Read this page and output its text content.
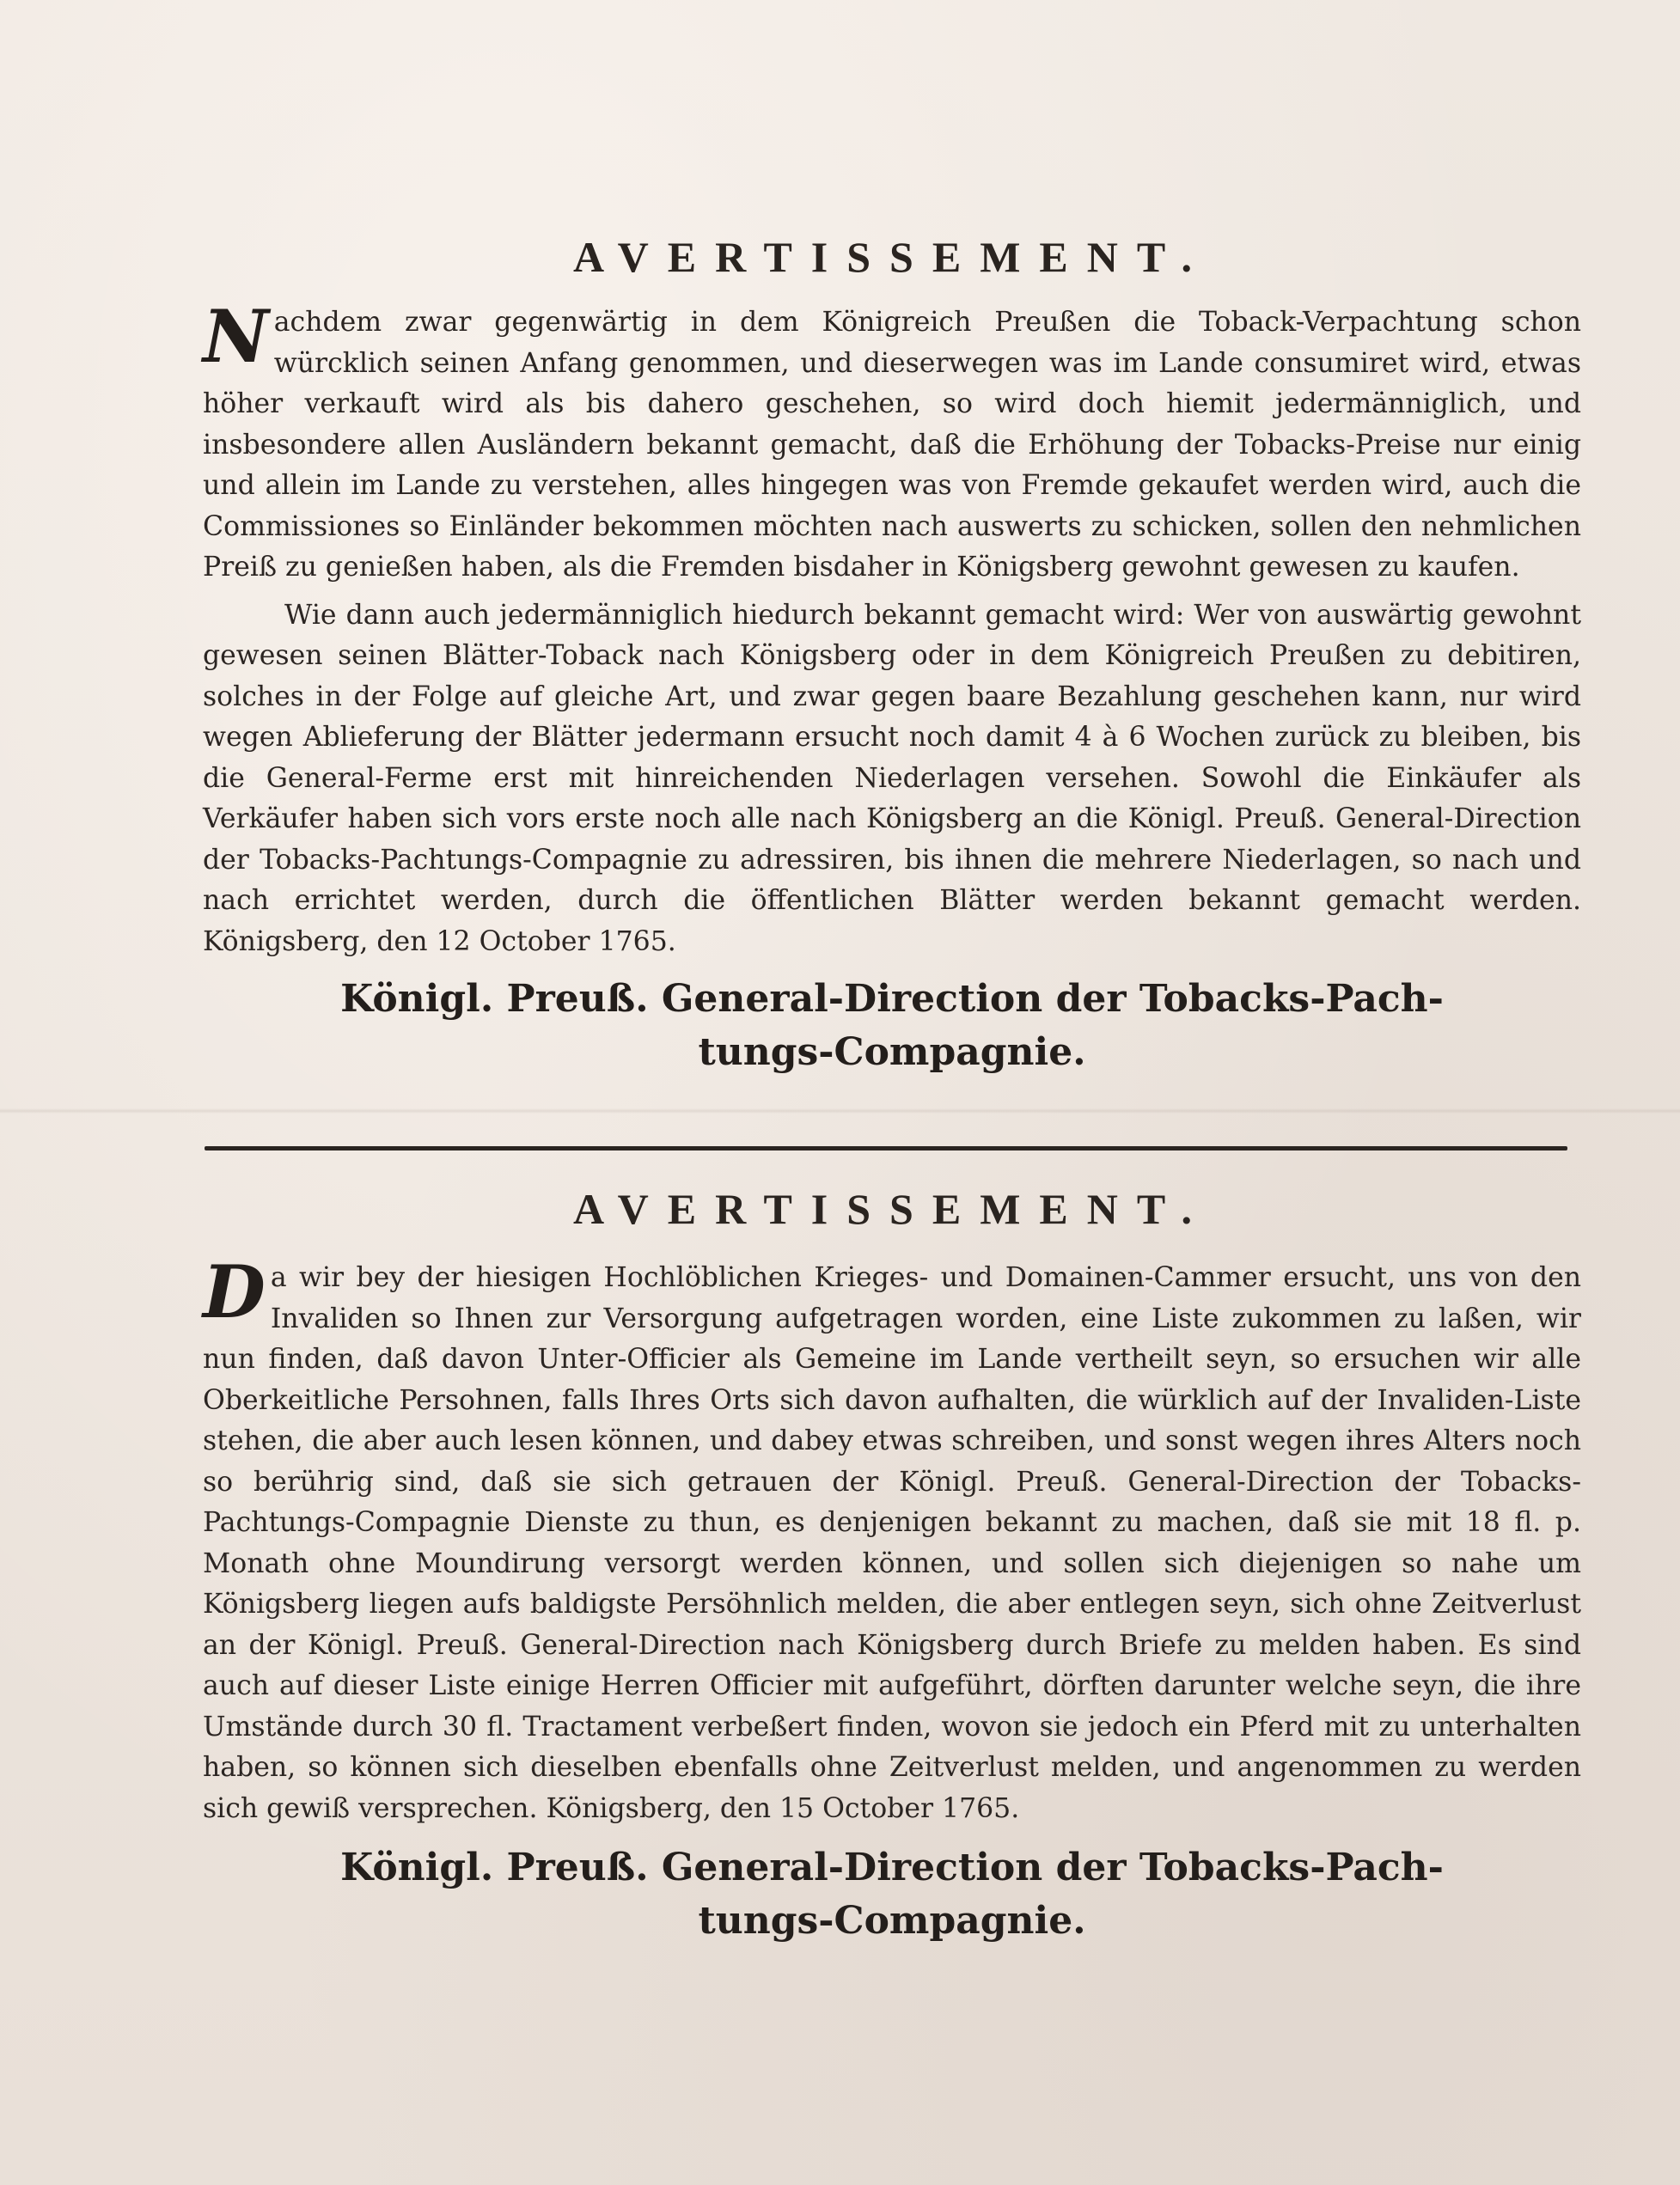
AVERTISSEMENT.

Nachdem zwar gegenwärtig in dem Königreich Preußen die Toback-Verpachtung schon würcklich seinen Anfang genommen, und dieserwegen was im Lande consumiret wird, etwas höher verkauft wird als bis dahero geschehen, so wird doch hiemit jedermänniglich, und insbesondere allen Ausländern bekannt gemacht, daß die Erhöhung der Tobacks-Preise nur einig und allein im Lande zu verstehen, alles hingegen was von Fremde gekaufet werden wird, auch die Commissiones so Einländer bekommen möchten nach auswerts zu schicken, sollen den nehmlichen Preiß zu genießen haben, als die Fremden bisdaher in Königsberg gewohnt gewesen zu kaufen.

Wie dann auch jedermänniglich hiedurch bekannt gemacht wird: Wer von auswärtig gewohnt gewesen seinen Blätter-Toback nach Königsberg oder in dem Königreich Preußen zu debitiren, solches in der Folge auf gleiche Art, und zwar gegen baare Bezahlung geschehen kann, nur wird wegen Ablieferung der Blätter jedermann ersucht noch damit 4 à 6 Wochen zurück zu bleiben, bis die General-Ferme erst mit hinreichenden Niederlagen versehen. Sowohl die Einkäufer als Verkäufer haben sich vors erste noch alle nach Königsberg an die Königl. Preuß. General-Direction der Tobacks-Pachtungs-Compagnie zu adressiren, bis ihnen die mehrere Niederlagen, so nach und nach errichtet werden, durch die öffentlichen Blätter werden bekannt gemacht werden. Königsberg, den 12 October 1765.

Königl. Preuß. General-Direction der Tobacks-Pach-

tungs-Compagnie.

AVERTISSEMENT.

Da wir bey der hiesigen Hochlöblichen Krieges- und Domainen-Cammer ersucht, uns von den Invaliden so Ihnen zur Versorgung aufgetragen worden, eine Liste zukommen zu laßen, wir nun finden, daß davon Unter-Officier als Gemeine im Lande vertheilt seyn, so ersuchen wir alle Oberkeitliche Persohnen, falls Ihres Orts sich davon aufhalten, die würklich auf der Invaliden-Liste stehen, die aber auch lesen können, und dabey etwas schreiben, und sonst wegen ihres Alters noch so berührig sind, daß sie sich getrauen der Königl. Preuß. General-Direction der Tobacks-Pachtungs-Compagnie Dienste zu thun, es denjenigen bekannt zu machen, daß sie mit 18 fl. p. Monath ohne Moundirung versorgt werden können, und sollen sich diejenigen so nahe um Königsberg liegen aufs baldigste Persöhnlich melden, die aber entlegen seyn, sich ohne Zeitverlust an der Königl. Preuß. General-Direction nach Königsberg durch Briefe zu melden haben. Es sind auch auf dieser Liste einige Herren Officier mit aufgeführt, dörften darunter welche seyn, die ihre Umstände durch 30 fl. Tractament verbeßert finden, wovon sie jedoch ein Pferd mit zu unterhalten haben, so können sich dieselben ebenfalls ohne Zeitverlust melden, und angenommen zu werden sich gewiß versprechen. Königsberg, den 15 October 1765.

Königl. Preuß. General-Direction der Tobacks-Pach-

tungs-Compagnie.
